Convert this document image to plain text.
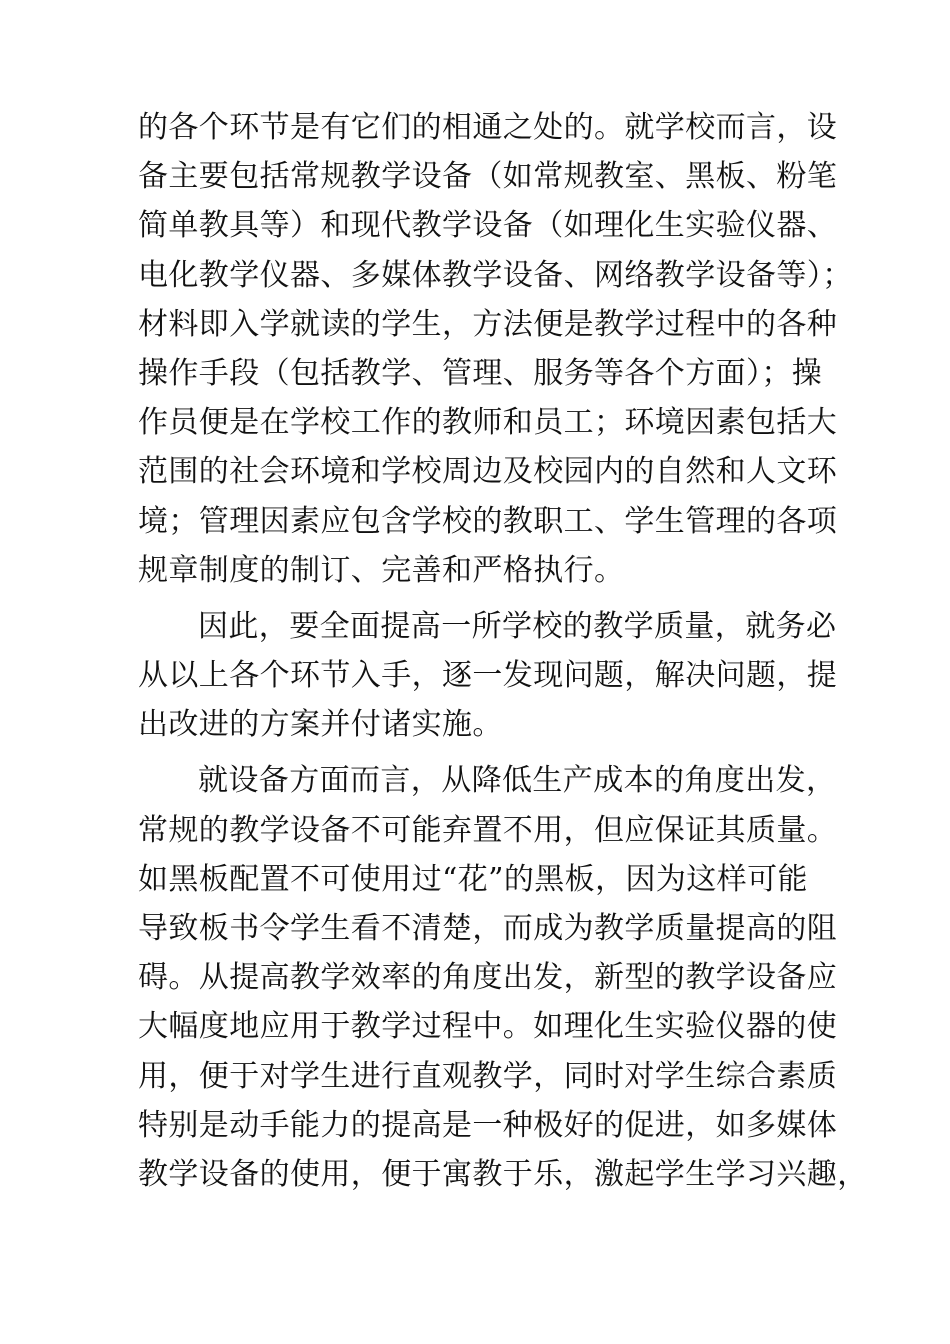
的各个环节是有它们的相通之处的。就学校而言，设
备主要包括常规教学设备（如常规教室、黑板、粉笔
简单教具等）和现代教学设备（如理化生实验仪器、
电化教学仪器、多媒体教学设备、网络教学设备等）；
材料即入学就读的学生，方法便是教学过程中的各种
操作手段（包括教学、管理、服务等各个方面）；操
作员便是在学校工作的教师和员工；环境因素包括大
范围的社会环境和学校周边及校园内的自然和人文环
境；管理因素应包含学校的教职工、学生管理的各项
规章制度的制订、完善和严格执行。
因此，要全面提高一所学校的教学质量，就务必
从以上各个环节入手，逐一发现问题，解决问题，提
出改进的方案并付诸实施。
就设备方面而言，从降低生产成本的角度出发，
常规的教学设备不可能弃置不用，但应保证其质量。
如黑板配置不可使用过“花”的黑板，因为这样可能
导致板书令学生看不清楚，而成为教学质量提高的阻
碍。从提高教学效率的角度出发，新型的教学设备应
大幅度地应用于教学过程中。如理化生实验仪器的使
用，便于对学生进行直观教学，同时对学生综合素质
特别是动手能力的提高是一种极好的促进，如多媒体
教学设备的使用，便于寓教于乐，激起学生学习兴趣，
